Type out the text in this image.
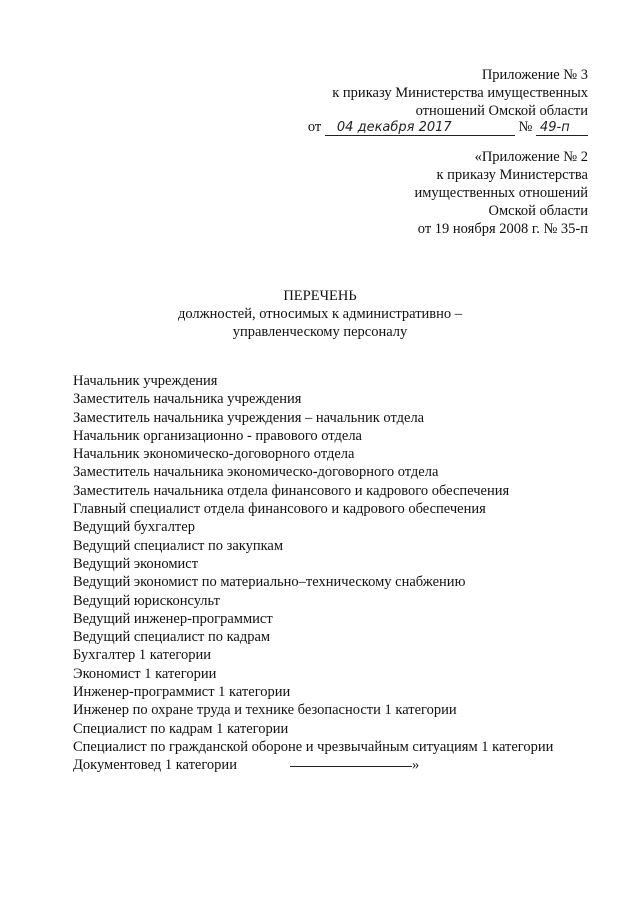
Приложение № 3
к приказу Министерства имущественных
отношений Омской области
от 04 декабря 2017	№ 49-п
«Приложение № 2
к приказу Министерства
имущественных отношений
Омской области
от 19 ноября 2008 г. № 35-п
ПЕРЕЧЕНЬ
должностей, относимых к административно –
управленческому персоналу
Начальник учреждения
Заместитель начальника учреждения
Заместитель начальника учреждения – начальник отдела
Начальник организационно - правового отдела
Начальник экономическо-договорного отдела
Заместитель начальника экономическо-договорного отдела
Заместитель начальника отдела финансового и кадрового обеспечения
Главный специалист отдела финансового и кадрового обеспечения
Ведущий бухгалтер
Ведущий специалист по закупкам
Ведущий экономист
Ведущий экономист по материально–техническому снабжению
Ведущий юрисконсульт
Ведущий инженер-программист
Ведущий специалист по кадрам
Бухгалтер 1 категории
Экономист 1 категории
Инженер-программист 1 категории
Инженер по охране труда и технике безопасности 1 категории
Специалист по кадрам 1 категории
Специалист по гражданской обороне и чрезвычайным ситуациям 1 категории
Документовед 1 категории	»
